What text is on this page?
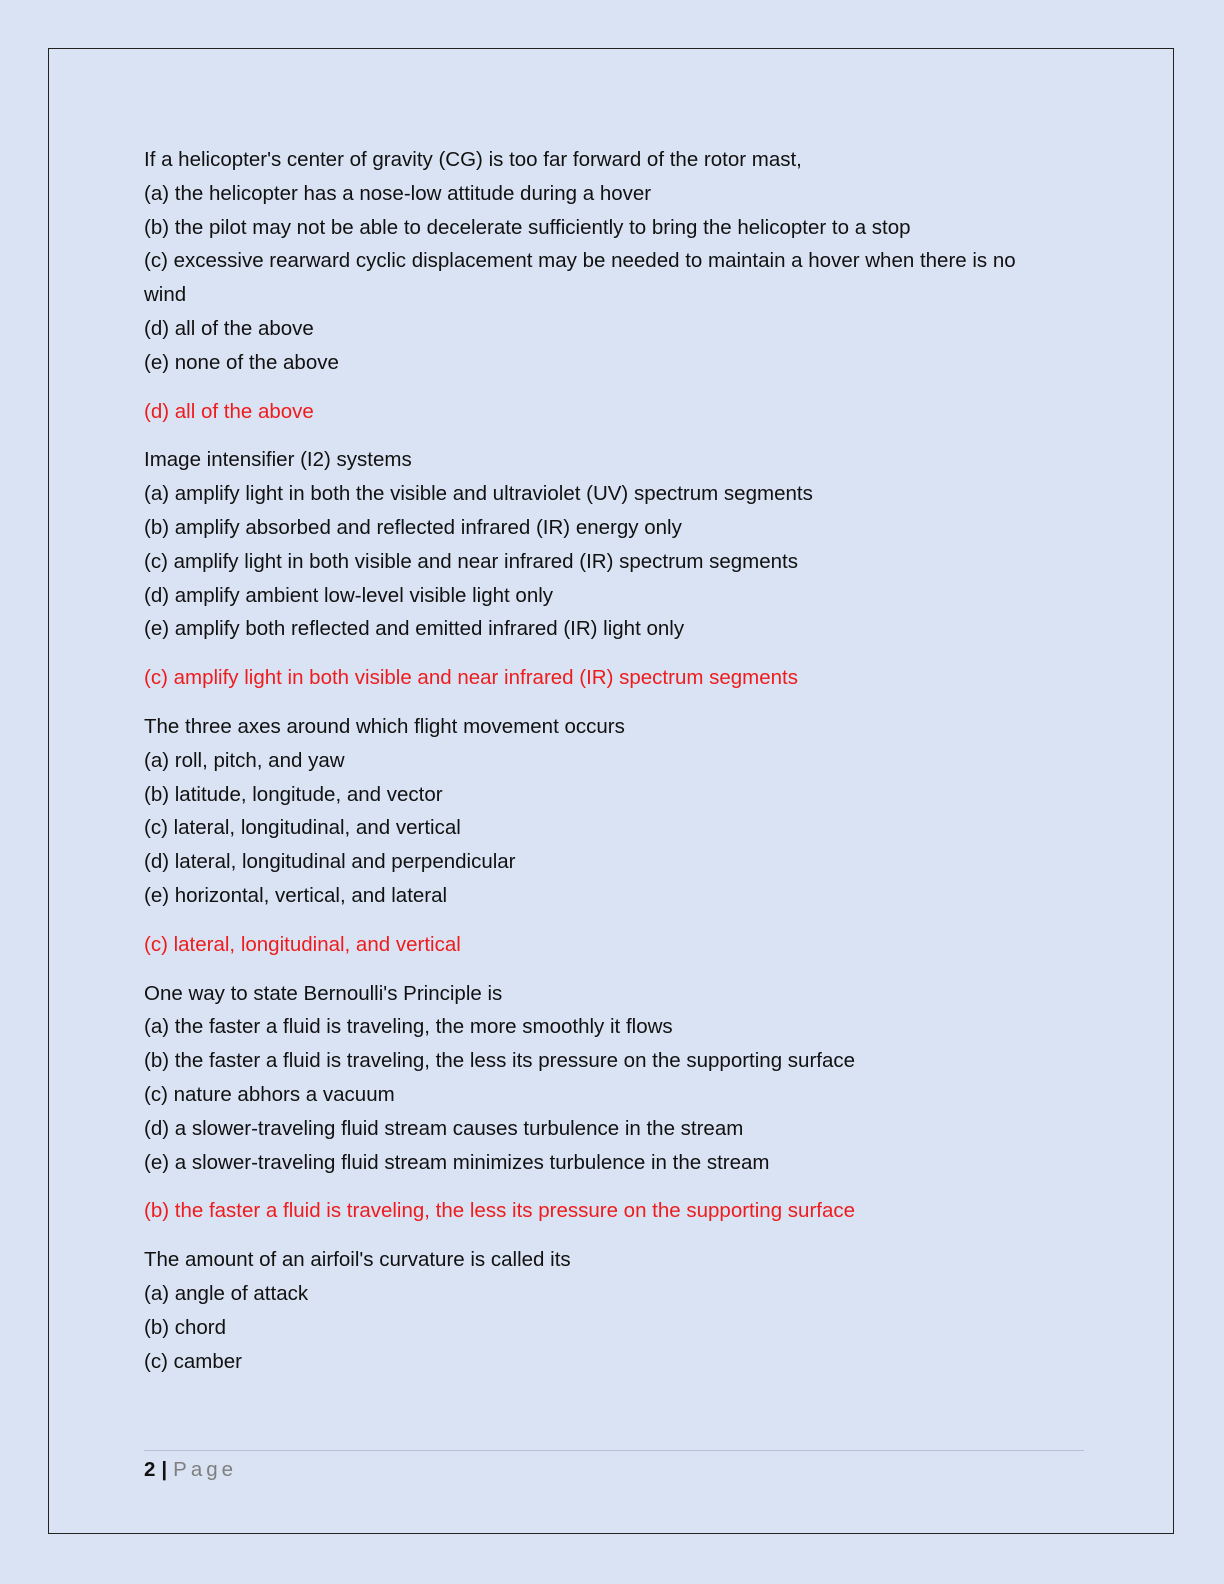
If a helicopter's center of gravity (CG) is too far forward of the rotor mast,
(a) the helicopter has a nose-low attitude during a hover
(b) the pilot may not be able to decelerate sufficiently to bring the helicopter to a stop
(c) excessive rearward cyclic displacement may be needed to maintain a hover when there is no
wind
(d) all of the above
(e) none of the above
(d) all of the above
Image intensifier (I2) systems
(a) amplify light in both the visible and ultraviolet (UV) spectrum segments
(b) amplify absorbed and reflected infrared (IR) energy only
(c) amplify light in both visible and near infrared (IR) spectrum segments
(d) amplify ambient low-level visible light only
(e) amplify both reflected and emitted infrared (IR) light only
(c) amplify light in both visible and near infrared (IR) spectrum segments
The three axes around which flight movement occurs
(a) roll, pitch, and yaw
(b) latitude, longitude, and vector
(c) lateral, longitudinal, and vertical
(d) lateral, longitudinal and perpendicular
(e) horizontal, vertical, and lateral
(c) lateral, longitudinal, and vertical
One way to state Bernoulli's Principle is
(a) the faster a fluid is traveling, the more smoothly it flows
(b) the faster a fluid is traveling, the less its pressure on the supporting surface
(c) nature abhors a vacuum
(d) a slower-traveling fluid stream causes turbulence in the stream
(e) a slower-traveling fluid stream minimizes turbulence in the stream
(b) the faster a fluid is traveling, the less its pressure on the supporting surface
The amount of an airfoil's curvature is called its
(a) angle of attack
(b) chord
(c) camber
2 | Page
